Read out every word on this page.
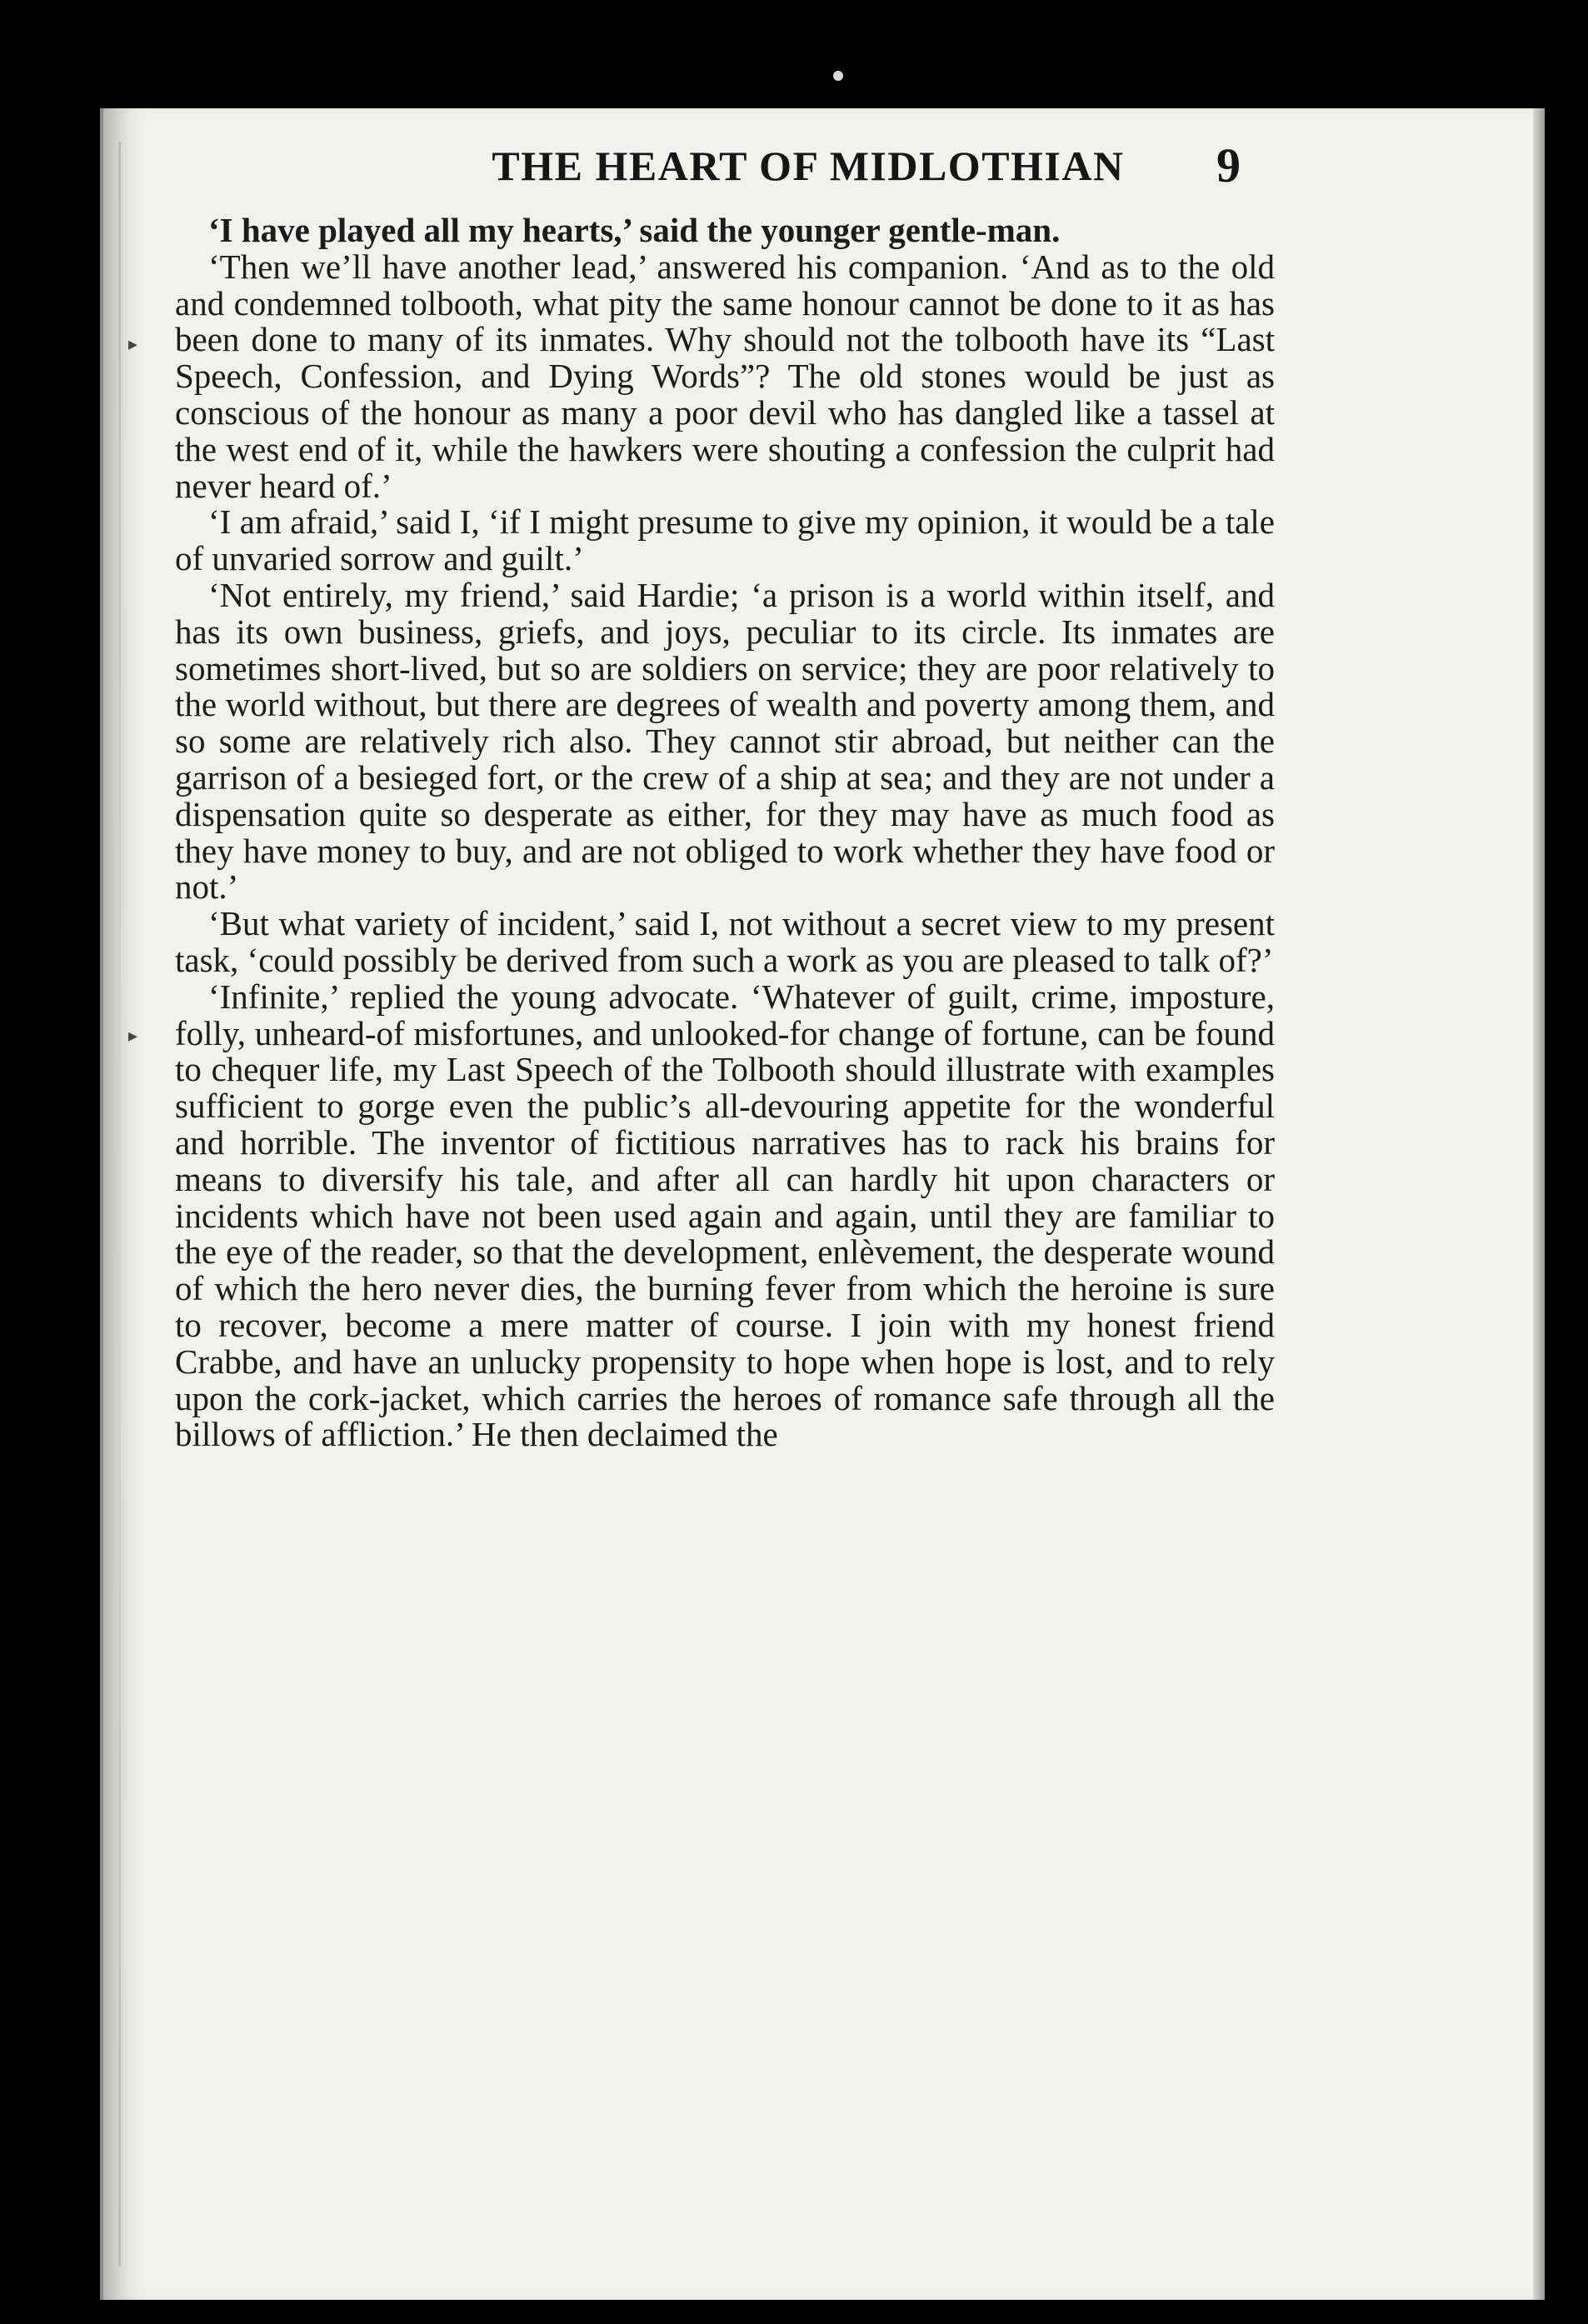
▸
▸
THE HEART OF MIDLOTHIAN	9

‘I have played all my hearts,’ said the younger gentle-man.

‘Then we’ll have another lead,’ answered his companion. ‘And as to the old and condemned tolbooth, what pity the same honour cannot be done to it as has been done to many of its inmates. Why should not the tolbooth have its “Last Speech, Confession, and Dying Words”? The old stones would be just as conscious of the honour as many a poor devil who has dangled like a tassel at the west end of it, while the hawkers were shouting a confession the culprit had never heard of.’

‘I am afraid,’ said I, ‘if I might presume to give my opinion, it would be a tale of unvaried sorrow and guilt.’

‘Not entirely, my friend,’ said Hardie; ‘a prison is a world within itself, and has its own business, griefs, and joys, peculiar to its circle. Its inmates are sometimes short-lived, but so are soldiers on service; they are poor relatively to the world without, but there are degrees of wealth and poverty among them, and so some are relatively rich also. They cannot stir abroad, but neither can the garrison of a besieged fort, or the crew of a ship at sea; and they are not under a dispensation quite so desperate as either, for they may have as much food as they have money to buy, and are not obliged to work whether they have food or not.’

‘But what variety of incident,’ said I, not without a secret view to my present task, ‘could possibly be derived from such a work as you are pleased to talk of?’

‘Infinite,’ replied the young advocate. ‘Whatever of guilt, crime, imposture, folly, unheard-of misfortunes, and unlooked-for change of fortune, can be found to chequer life, my Last Speech of the Tolbooth should illustrate with examples sufficient to gorge even the public’s all-devouring appetite for the wonderful and horrible. The inventor of fictitious narratives has to rack his brains for means to diversify his tale, and after all can hardly hit upon characters or incidents which have not been used again and again, until they are familiar to the eye of the reader, so that the development, enlèvement, the desperate wound of which the hero never dies, the burning fever from which the heroine is sure to recover, become a mere matter of course. I join with my honest friend Crabbe, and have an unlucky propensity to hope when hope is lost, and to rely upon the cork-jacket, which carries the heroes of romance safe through all the billows of affliction.’ He then declaimed the
